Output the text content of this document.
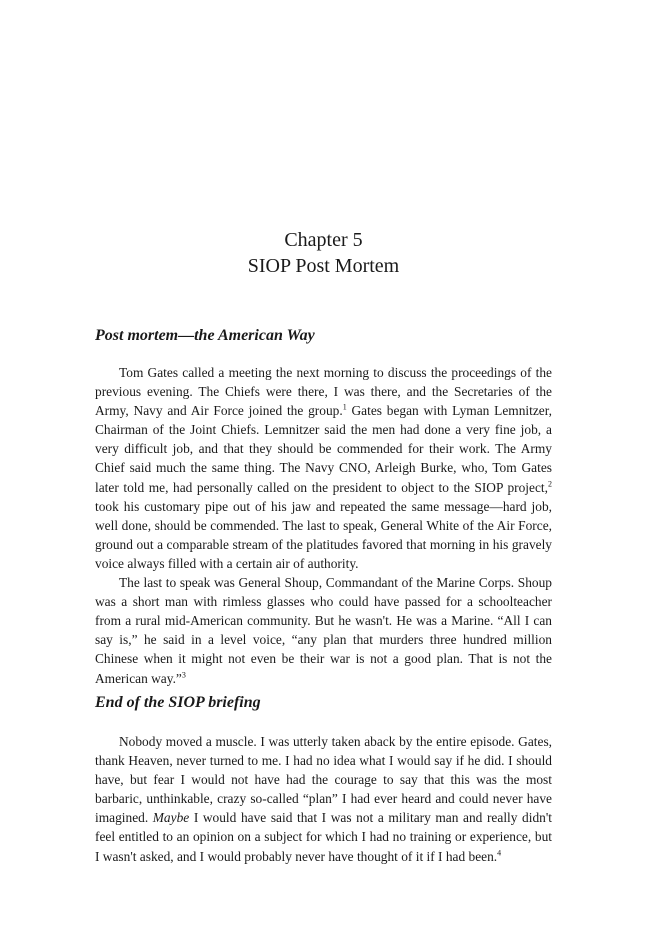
Chapter 5
SIOP Post Mortem
Post mortem—the American Way

Tom Gates called a meeting the next morning to discuss the proceedings of the previous evening. The Chiefs were there, I was there, and the Secretaries of the Army, Navy and Air Force joined the group.$^1$ Gates began with Lyman Lemnitzer, Chairman of the Joint Chiefs. Lemnitzer said the men had done a very fine job, a very difficult job, and that they should be commended for their work. The Army Chief said much the same thing. The Navy CNO, Arleigh Burke, who, Tom Gates later told me, had personally called on the president to object to the SIOP project,$^2$ took his customary pipe out of his jaw and repeated the same message—hard job, well done, should be commended. The last to speak, General White of the Air Force, ground out a comparable stream of the platitudes favored that morning in his gravely voice always filled with a certain air of authority.

The last to speak was General Shoup, Commandant of the Marine Corps. Shoup was a short man with rimless glasses who could have passed for a schoolteacher from a rural mid-American community. But he wasn't. He was a Marine. “All I can say is,” he said in a level voice, “any plan that murders three hundred million Chinese when it might not even be their war is not a good plan. That is not the American way.”$^3$

End of the SIOP briefing

Nobody moved a muscle. I was utterly taken aback by the entire episode. Gates, thank Heaven, never turned to me. I had no idea what I would say if he did. I should have, but fear I would not have had the courage to say that this was the most barbaric, unthinkable, crazy so-called “plan” I had ever heard and could never have imagined. Maybe I would have said that I was not a military man and really didn't feel entitled to an opinion on a subject for which I had no training or experience, but I wasn't asked, and I would probably never have thought of it if I had been.$^4$
